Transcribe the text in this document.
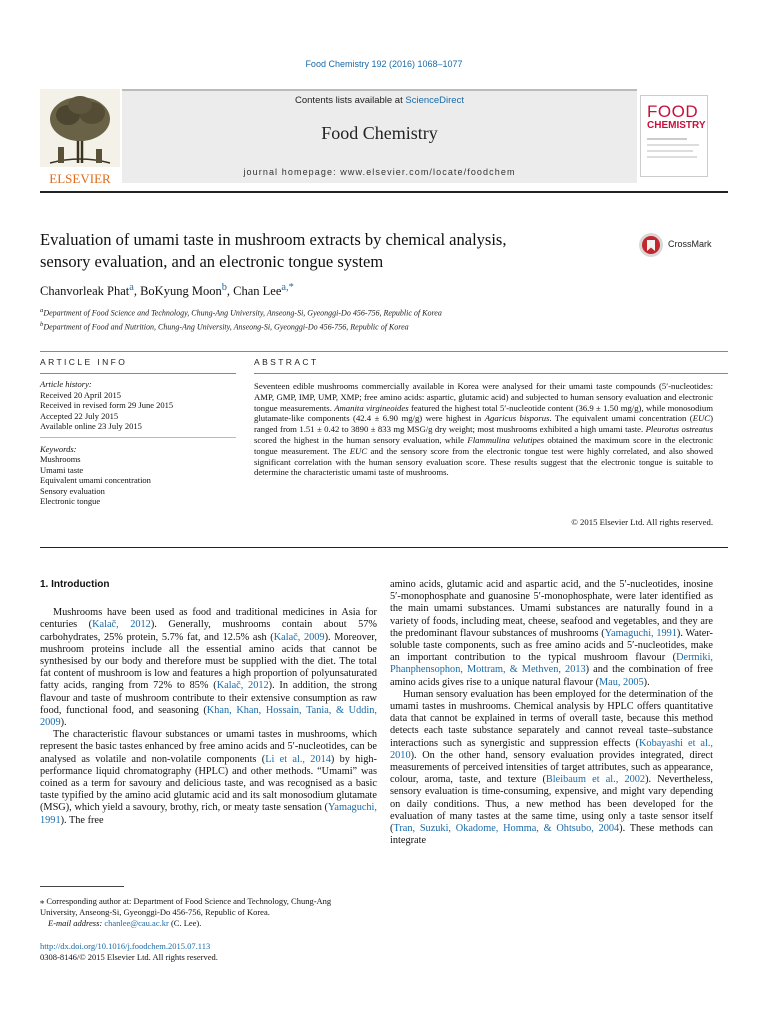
Food Chemistry 192 (2016) 1068–1077
ELSEVIER
Contents lists available at ScienceDirect
Food Chemistry
journal homepage: www.elsevier.com/locate/foodchem
FOOD
CHEMISTRY
Evaluation of umami taste in mushroom extracts by chemical analysis,
sensory evaluation, and an electronic tongue system
CrossMark
Chanvorleak Phat$^a$, BoKyung Moon$^b$, Chan Lee$^{a,*}$
$^a$Department of Food Science and Technology, Chung-Ang University, Anseong-Si, Gyeonggi-Do 456-756, Republic of Korea
$^b$Department of Food and Nutrition, Chung-Ang University, Anseong-Si, Gyeonggi-Do 456-756, Republic of Korea
ARTICLE INFO	ABSTRACT
Article history:
Received 20 April 2015
Received in revised form 29 June 2015
Accepted 22 July 2015
Available online 23 July 2015
Keywords:
Mushrooms
Umami taste
Equivalent umami concentration
Sensory evaluation
Electronic tongue
Seventeen edible mushrooms commercially available in Korea were analysed for their umami taste compounds (5′-nucleotides: AMP, GMP, IMP, UMP, XMP; free amino acids: aspartic, glutamic acid) and subjected to human sensory evaluation and electronic tongue measurements. Amanita virgineoides featured the highest total 5′-nucleotide content (36.9 ± 1.50 mg/g), while monosodium glutamate-like components (42.4 ± 6.90 mg/g) were highest in Agaricus bisporus. The equivalent umami concentration (EUC) ranged from 1.51 ± 0.42 to 3890 ± 833 mg MSG/g dry weight; most mushrooms exhibited a high umami taste. Pleurotus ostreatus scored the highest in the human sensory evaluation, while Flammulina velutipes obtained the maximum score in the electronic tongue measurement. The EUC and the sensory score from the electronic tongue test were highly correlated, and also showed significant correlation with the human sensory evaluation score. These results suggest that the electronic tongue is suitable to determine the characteristic umami taste of mushrooms.
© 2015 Elsevier Ltd. All rights reserved.
1. Introduction

Mushrooms have been used as food and traditional medicines in Asia for centuries (Kalač, 2012). Generally, mushrooms contain about 57% carbohydrates, 25% protein, 5.7% fat, and 12.5% ash (Kalač, 2009). Moreover, mushroom proteins include all the essential amino acids that cannot be synthesised by our body and therefore must be supplied with the diet. The total fat content of mushroom is low and features a high proportion of polyunsaturated fatty acids, ranging from 72% to 85% (Kalač, 2012). In addition, the strong flavour and taste of mushroom contribute to their extensive consumption as raw food, functional food, and seasoning (Khan, Khan, Hossain, Tania, & Uddin, 2009).

The characteristic flavour substances or umami tastes in mushrooms, which represent the basic tastes enhanced by free amino acids and 5′-nucleotides, can be analysed as volatile and non-volatile components (Li et al., 2014) by high-performance liquid chromatography (HPLC) and other methods. “Umami” was coined as a term for savoury and delicious taste, and was recognised as a basic taste typified by the amino acid glutamic acid and its salt monosodium glutamate (MSG), which yield a savoury, brothy, rich, or meaty taste sensation (Yamaguchi, 1991). The free

amino acids, glutamic acid and aspartic acid, and the 5′-nucleotides, inosine 5′-monophosphate and guanosine 5′-monophosphate, were later identified as the main umami substances. Umami substances are naturally found in a variety of foods, including meat, cheese, seafood and vegetables, and they are the predominant flavour substances of mushrooms (Yamaguchi, 1991). Water-soluble taste components, such as free amino acids and 5′-nucleotides, make an important contribution to the typical mushroom flavour (Dermiki, Phanphensophon, Mottram, & Methven, 2013) and the combination of free amino acids gives rise to a unique natural flavour (Mau, 2005).

Human sensory evaluation has been employed for the determination of the umami tastes in mushrooms. Chemical analysis by HPLC offers quantitative data that cannot be explained in terms of overall taste, because this method detects each taste substance separately and cannot reveal taste–substance interactions such as synergistic and suppression effects (Kobayashi et al., 2010). On the other hand, sensory evaluation provides integrated, direct measurements of perceived intensities of target attributes, such as appearance, colour, aroma, taste, and texture (Bleibaum et al., 2002). Nevertheless, sensory evaluation is time-consuming, expensive, and might vary depending on daily conditions. Thus, a new method has been developed for the evaluation of many tastes at the same time, using only a taste sensor itself (Tran, Suzuki, Okadome, Homma, & Ohtsubo, 2004). These methods can integrate

⁎ Corresponding author at: Department of Food Science and Technology, Chung-Ang University, Anseong-Si, Gyeonggi-Do 456-756, Republic of Korea.
E-mail address: chanlee@cau.ac.kr (C. Lee).
http://dx.doi.org/10.1016/j.foodchem.2015.07.113
0308-8146/© 2015 Elsevier Ltd. All rights reserved.
